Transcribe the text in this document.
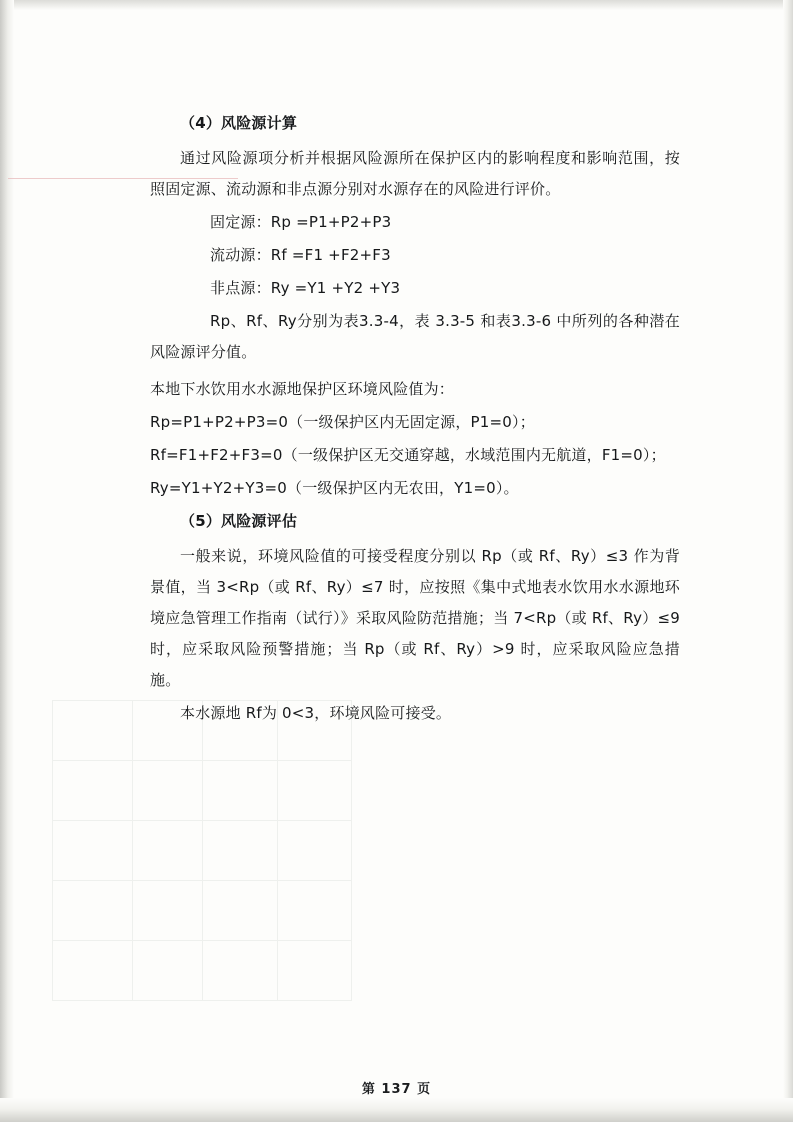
（4）风险源计算

通过风险源项分析并根据风险源所在保护区内的影响程度和影响范围，按照固定源、流动源和非点源分别对水源存在的风险进行评价。

固定源：Rp =P1+P2+P3

流动源：Rf =F1 +F2+F3

非点源：Ry =Y1 +Y2 +Y3

Rp、Rf、Ry分别为表3.3-4，表 3.3-5 和表3.3-6 中所列的各种潜在风险源评分值。

本地下水饮用水水源地保护区环境风险值为：

Rp=P1+P2+P3=0（一级保护区内无固定源，P1=0）；

Rf=F1+F2+F3=0（一级保护区无交通穿越，水域范围内无航道，F1=0）；

Ry=Y1+Y2+Y3=0（一级保护区内无农田，Y1=0）。

（5）风险源评估

一般来说，环境风险值的可接受程度分别以 Rp（或 Rf、Ry）≤3 作为背景值，当 3<Rp（或 Rf、Ry）≤7 时，应按照《集中式地表水饮用水水源地环境应急管理工作指南（试行）》采取风险防范措施；当 7<Rp（或 Rf、Ry）≤9 时，应采取风险预警措施；当 Rp（或 Rf、Ry）>9 时，应采取风险应急措施。

本水源地 Rf为 0<3，环境风险可接受。

第 137 页
